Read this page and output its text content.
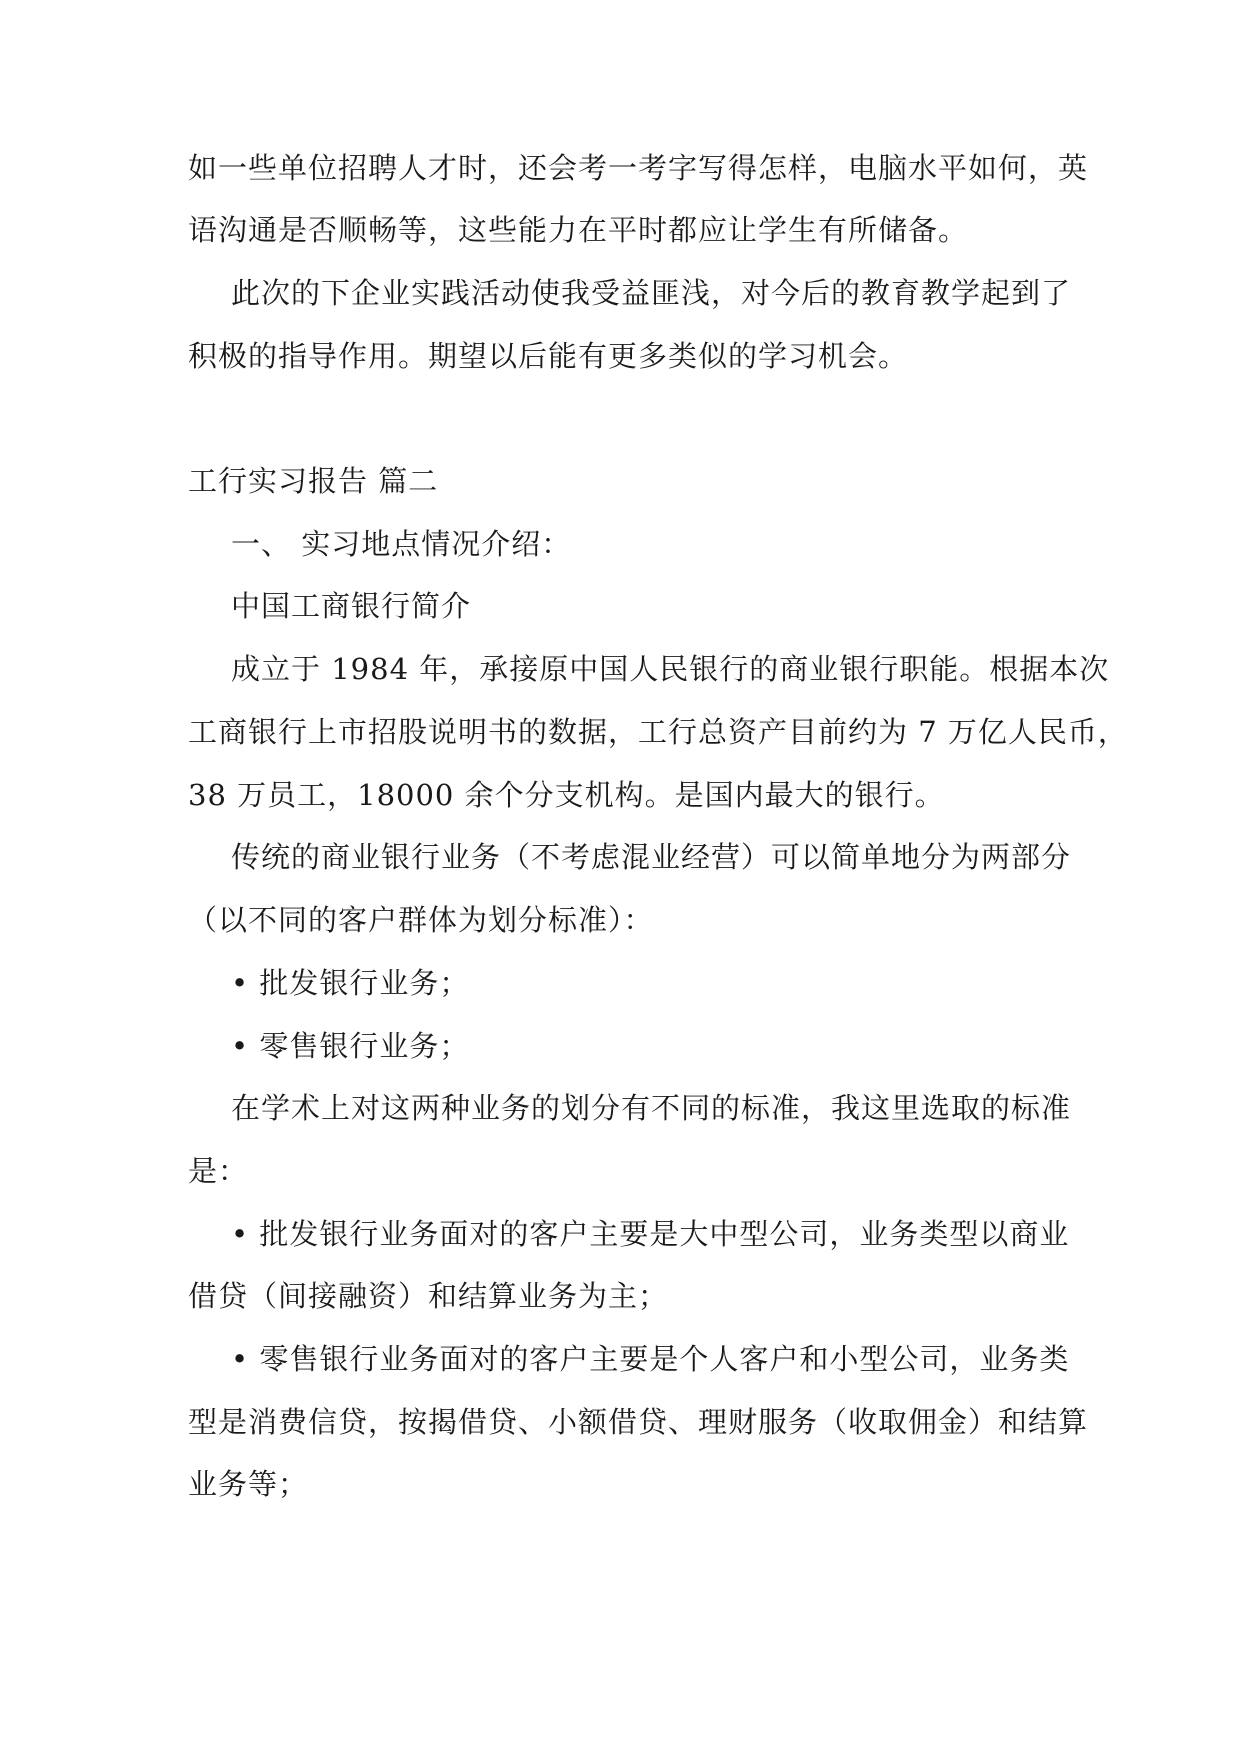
如一些单位招聘人才时，还会考一考字写得怎样，电脑水平如何，英
语沟通是否顺畅等，这些能力在平时都应让学生有所储备。
此次的下企业实践活动使我受益匪浅，对今后的教育教学起到了
积极的指导作用。期望以后能有更多类似的学习机会。
工行实习报告 篇二
一、 实习地点情况介绍：
中国工商银行简介
成立于 1984 年，承接原中国人民银行的商业银行职能。根据本次
工商银行上市招股说明书的数据，工行总资产目前约为 7 万亿人民币，
38 万员工，18000 余个分支机构。是国内最大的银行。
传统的商业银行业务（不考虑混业经营）可以简单地分为两部分
（以不同的客户群体为划分标准）：
• 批发银行业务；
• 零售银行业务；
在学术上对这两种业务的划分有不同的标准，我这里选取的标准
是：
• 批发银行业务面对的客户主要是大中型公司，业务类型以商业
借贷（间接融资）和结算业务为主；
• 零售银行业务面对的客户主要是个人客户和小型公司，业务类
型是消费信贷，按揭借贷、小额借贷、理财服务（收取佣金）和结算
业务等；
